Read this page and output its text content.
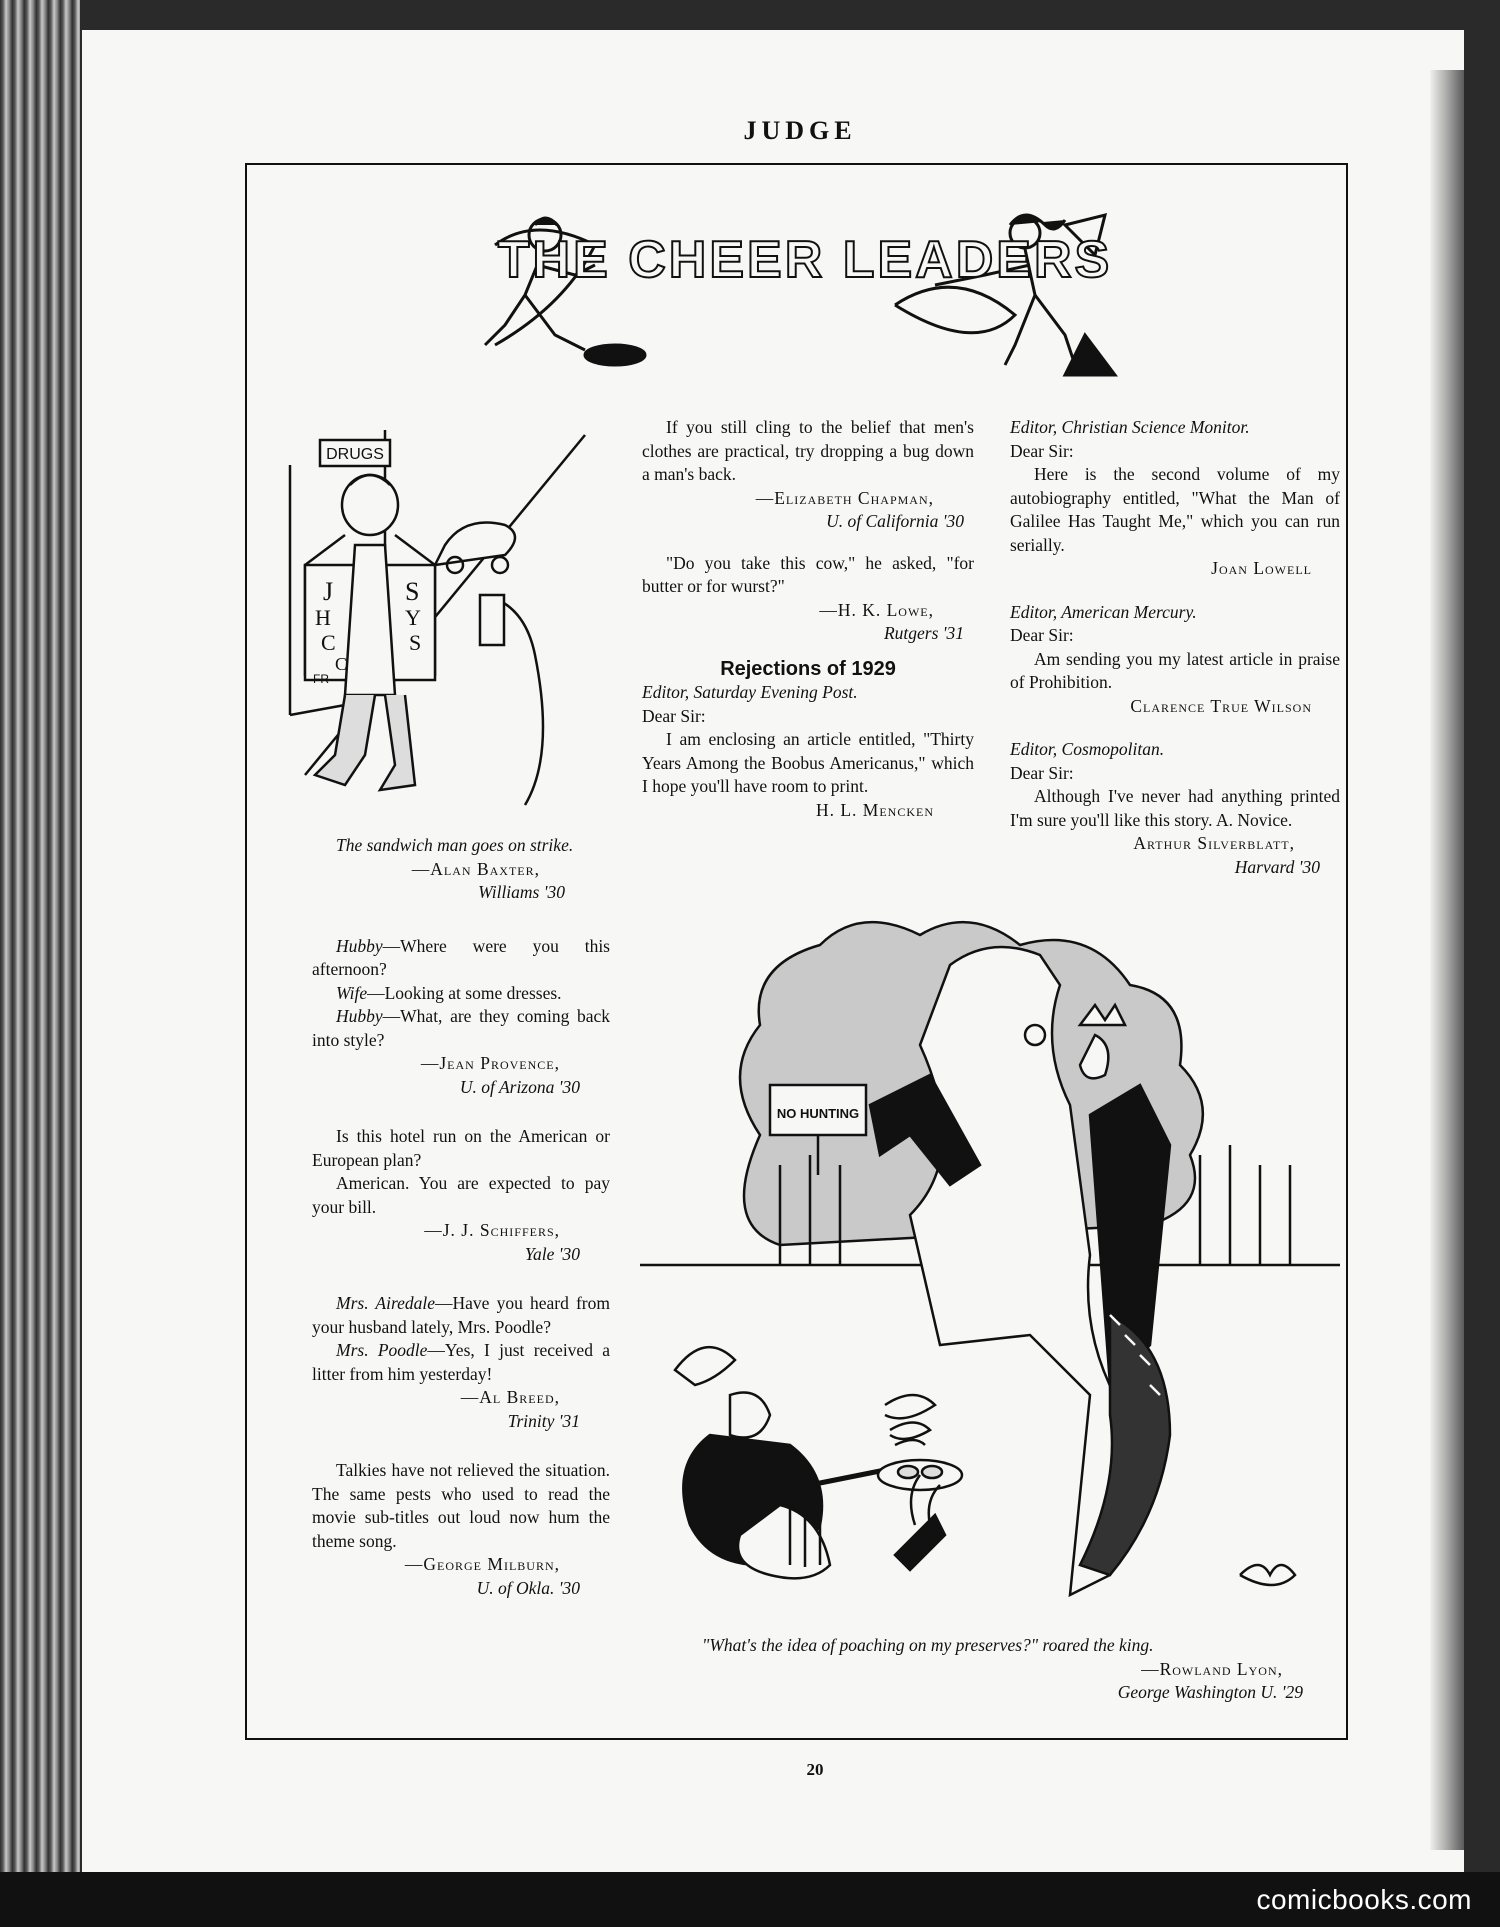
JUDGE
THE CHEER LEADERS
DRUGS
J	S
H	Y
C	S
C
FR

The sandwich man goes on strike.

—Alan Baxter,

Williams '30

Hubby—Where were you this afternoon?

Wife—Looking at some dresses.

Hubby—What, are they coming back into style?

—Jean Provence,

U. of Arizona '30

Is this hotel run on the American or European plan?

American. You are expected to pay your bill.

—J. J. Schiffers,

Yale '30

Mrs. Airedale—Have you heard from your husband lately, Mrs. Poodle?

Mrs. Poodle—Yes, I just received a litter from him yesterday!

—Al Breed,

Trinity '31

Talkies have not relieved the situation. The same pests who used to read the movie sub-titles out loud now hum the theme song.

—George Milburn,

U. of Okla. '30

If you still cling to the belief that men's clothes are practical, try dropping a bug down a man's back.

—Elizabeth Chapman,

U. of California '30

"Do you take this cow," he asked, "for butter or for wurst?"

—H. K. Lowe,

Rutgers '31

Rejections of 1929

Editor, Saturday Evening Post.

Dear Sir:

I am enclosing an article entitled, "Thirty Years Among the Boobus Americanus," which I hope you'll have room to print.

H. L. Mencken

Editor, Christian Science Monitor.

Dear Sir:

Here is the second volume of my autobiography entitled, "What the Man of Galilee Has Taught Me," which you can run serially.

Joan Lowell

Editor, American Mercury.

Dear Sir:

Am sending you my latest article in praise of Prohibition.

Clarence True Wilson

Editor, Cosmopolitan.

Dear Sir:

Although I've never had anything printed I'm sure you'll like this story. A. Novice.

Arthur Silverblatt,

Harvard '30

NO HUNTING

"What's the idea of poaching on my preserves?" roared the king.

—Rowland Lyon,

George Washington U. '29

20
comicbooks.com
